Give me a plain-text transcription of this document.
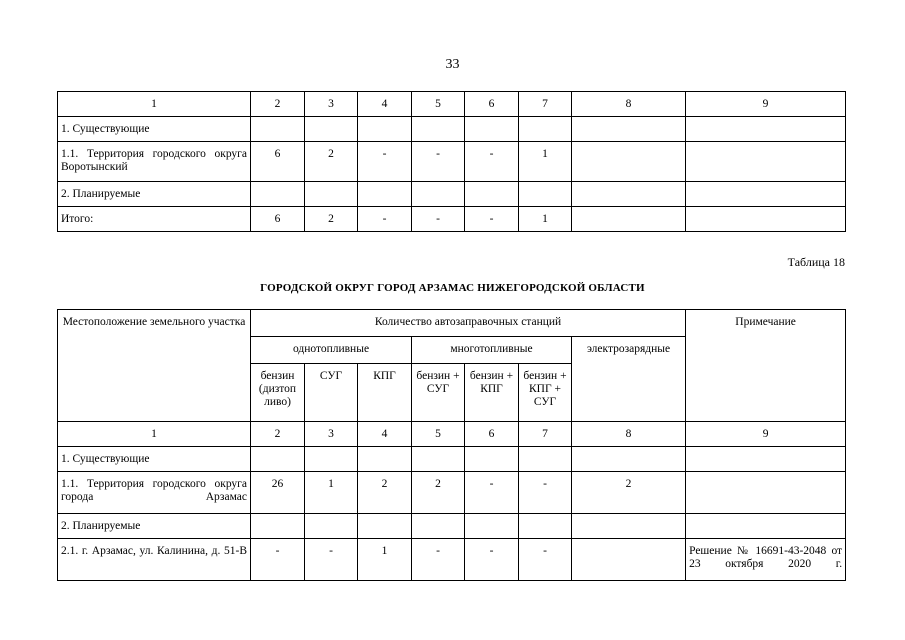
33
1	2	3	4	5	6	7	8	9
1. Существующие								
1.1. Территория городского округа Воротынский	6	2	-	-	-	1		
2. Планируемые								
Итого:	6	2	-	-	-	1		
Таблица 18
ГОРОДСКОЙ ОКРУГ ГОРОД АРЗАМАС НИЖЕГОРОДСКОЙ ОБЛАСТИ
Местоположение земельного участка	Количество автозаправочных станций							Примечание
	однотопливные			многотопливные			электрозарядные	
	бензин (дизтоп ливо)	СУГ	КПГ	бензин + СУГ	бензин + КПГ	бензин + КПГ + СУГ		
1	2	3	4	5	6	7	8	9
1. Существующие								
1.1. Территория городского округа города Арзамас	26	1	2	2	-	-	2	
2. Планируемые								
2.1. г. Арзамас, ул. Калинина, д. 51-В	-	-	1	-	-	-		Решение № 16691-43-2048 от 23 октября 2020 г.
